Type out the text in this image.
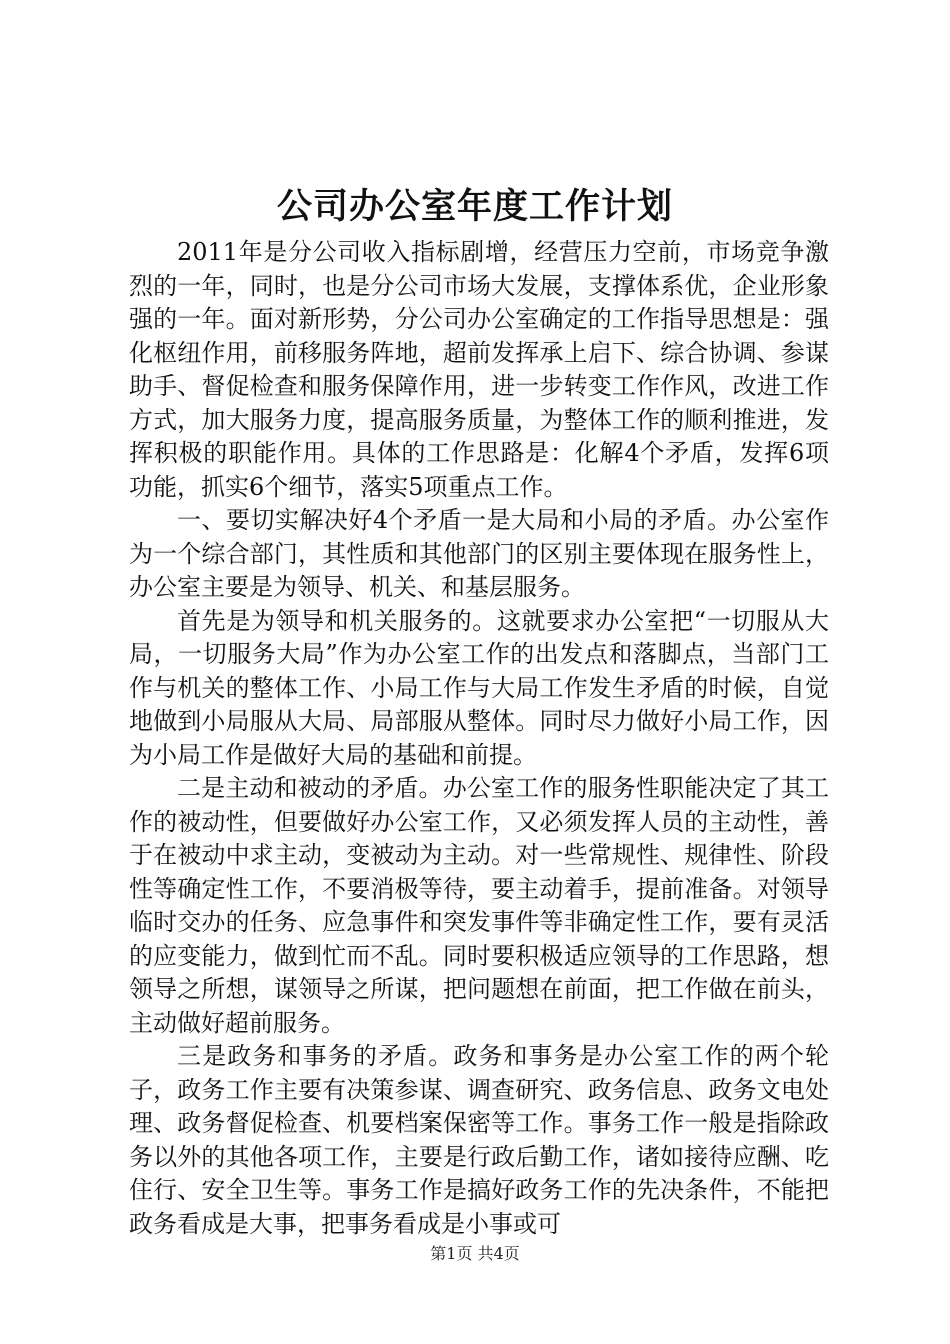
公司办公室年度工作计划

2011年是分公司收入指标剧增，经营压力空前，市场竞争激烈的一年，同时，也是分公司市场大发展，支撑体系优，企业形象强的一年。面对新形势，分公司办公室确定的工作指导思想是：强化枢纽作用，前移服务阵地，超前发挥承上启下、综合协调、参谋助手、督促检查和服务保障作用，进一步转变工作作风，改进工作方式，加大服务力度，提高服务质量，为整体工作的顺利推进，发挥积极的职能作用。具体的工作思路是：化解4个矛盾，发挥6项功能，抓实6个细节，落实5项重点工作。

一、要切实解决好4个矛盾一是大局和小局的矛盾。办公室作为一个综合部门，其性质和其他部门的区别主要体现在服务性上，办公室主要是为领导、机关、和基层服务。

首先是为领导和机关服务的。这就要求办公室把“一切服从大局，一切服务大局”作为办公室工作的出发点和落脚点，当部门工作与机关的整体工作、小局工作与大局工作发生矛盾的时候，自觉地做到小局服从大局、局部服从整体。同时尽力做好小局工作，因为小局工作是做好大局的基础和前提。

二是主动和被动的矛盾。办公室工作的服务性职能决定了其工作的被动性，但要做好办公室工作，又必须发挥人员的主动性，善于在被动中求主动，变被动为主动。对一些常规性、规律性、阶段性等确定性工作，不要消极等待，要主动着手，提前准备。对领导临时交办的任务、应急事件和突发事件等非确定性工作，要有灵活的应变能力，做到忙而不乱。同时要积极适应领导的工作思路，想领导之所想，谋领导之所谋，把问题想在前面，把工作做在前头，主动做好超前服务。

三是政务和事务的矛盾。政务和事务是办公室工作的两个轮子，政务工作主要有决策参谋、调查研究、政务信息、政务文电处理、政务督促检查、机要档案保密等工作。事务工作一般是指除政务以外的其他各项工作，主要是行政后勤工作，诸如接待应酬、吃住行、安全卫生等。事务工作是搞好政务工作的先决条件，不能把政务看成是大事，把事务看成是小事或可

第1页 共4页
